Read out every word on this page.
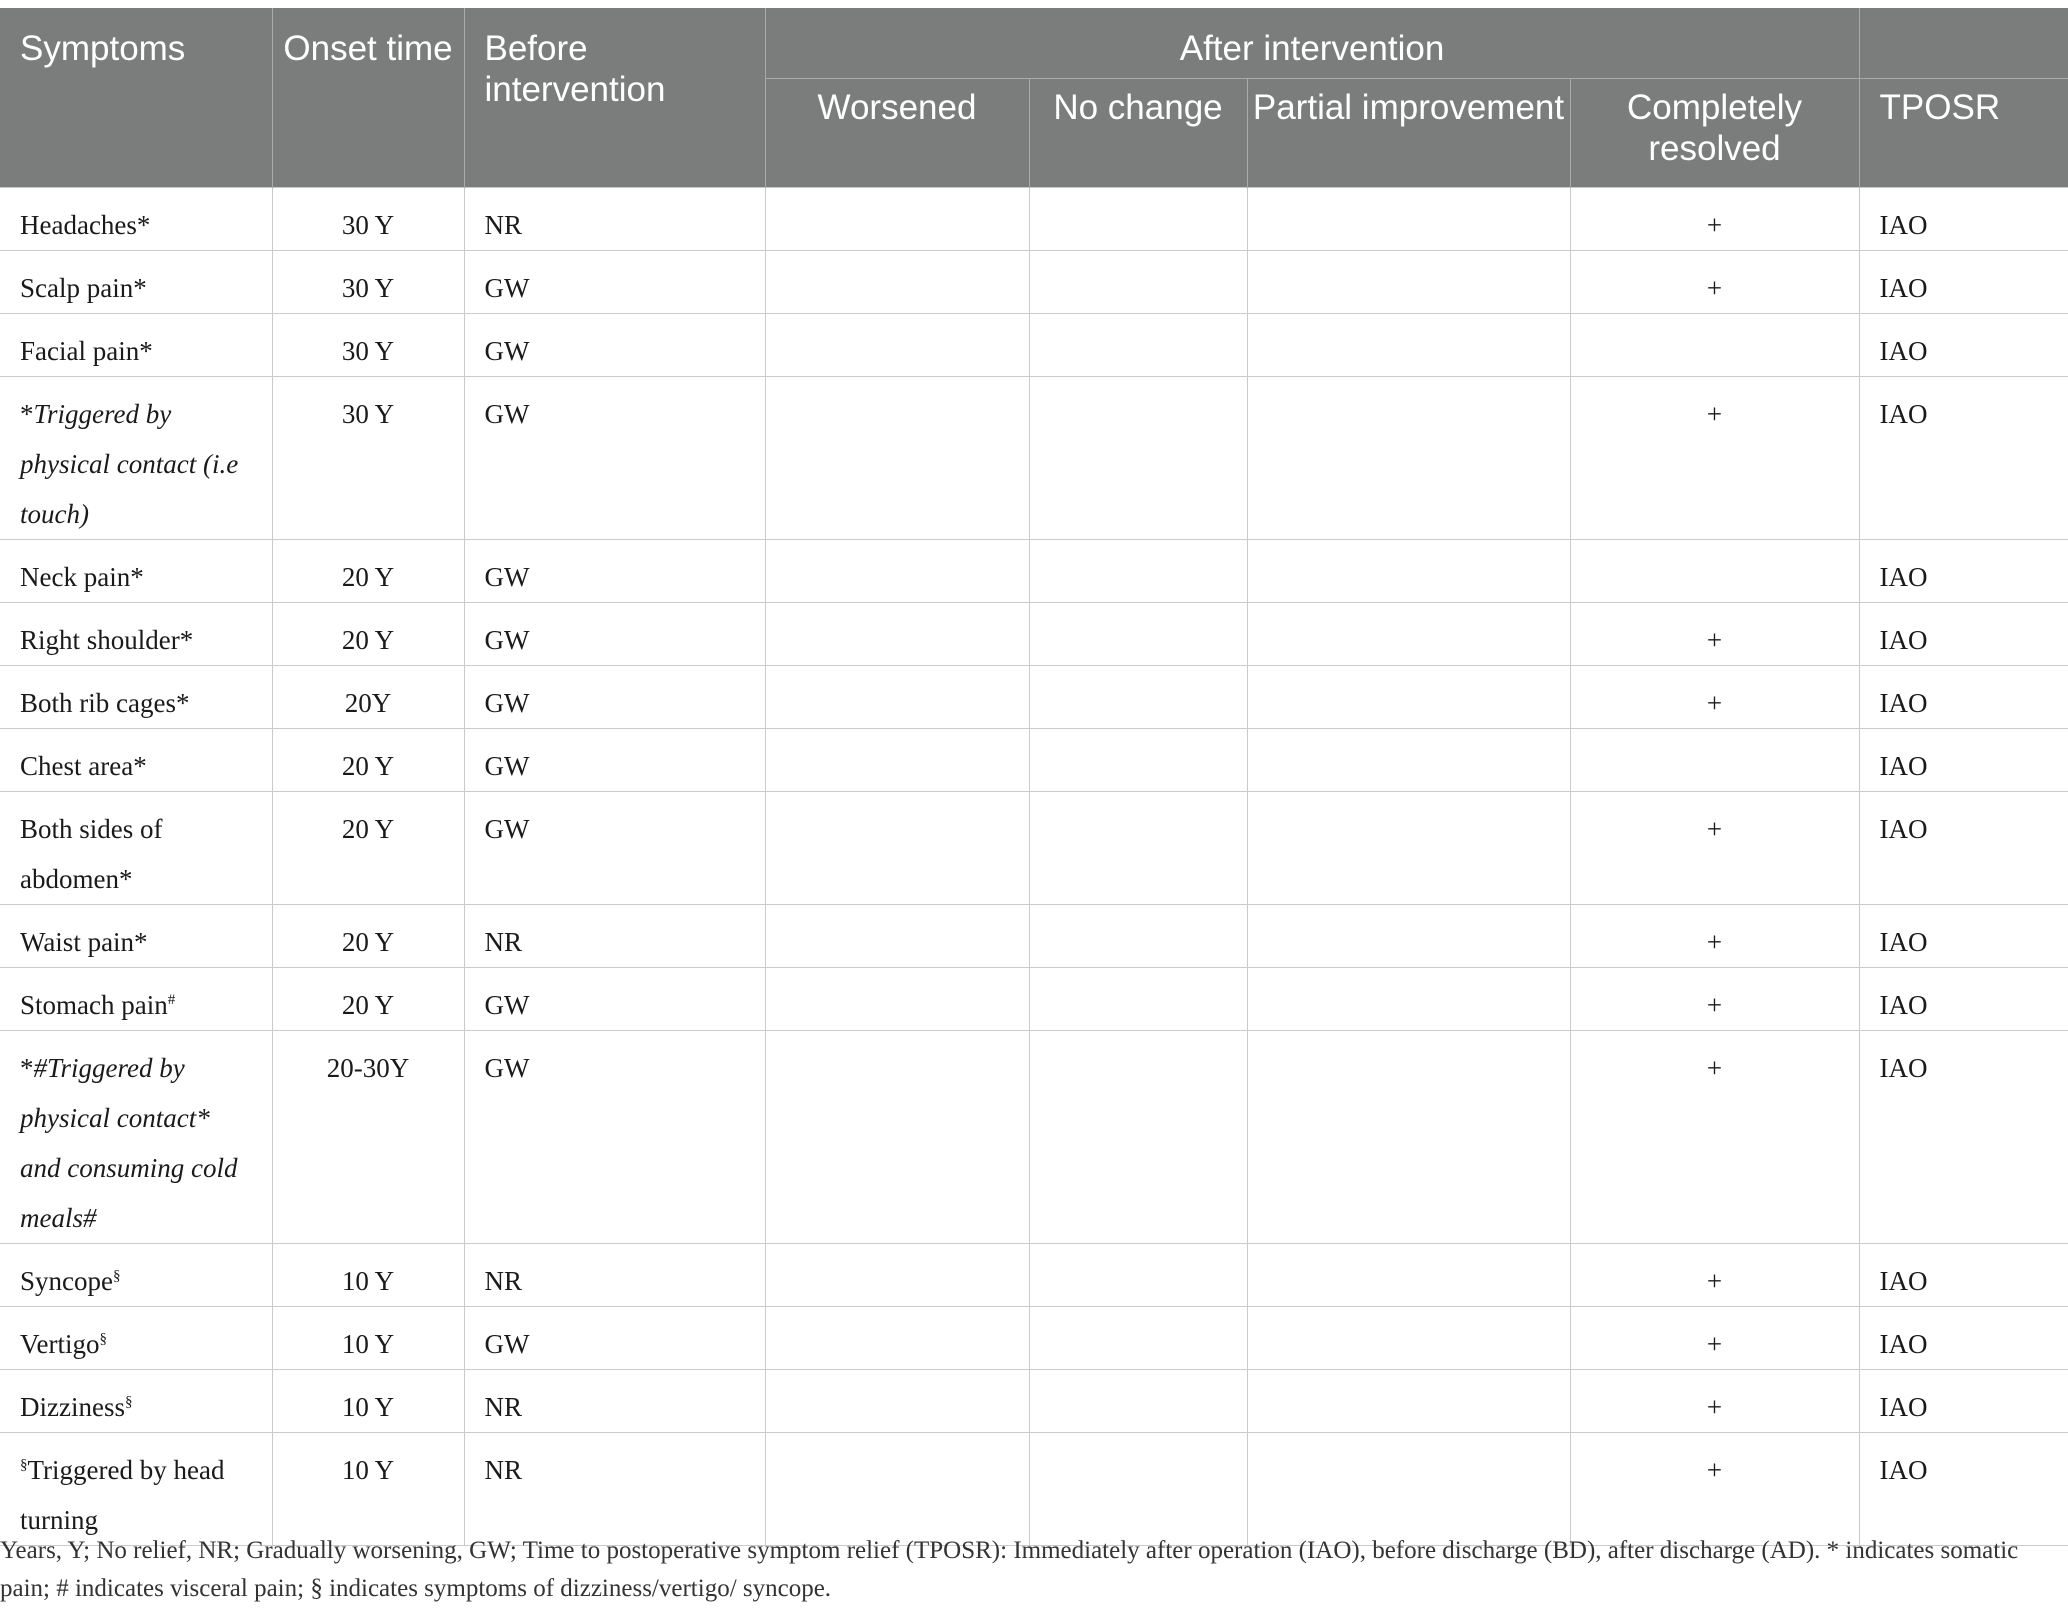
Symptoms	Onset time	Before intervention	After intervention				
			Worsened	No change	Partial improvement	Completely resolved	TPOSR
Headaches*	30 Y	NR				+	IAO
Scalp pain*	30 Y	GW				+	IAO
Facial pain*	30 Y	GW					IAO
*Triggered by physical contact (i.e touch)	30 Y	GW				+	IAO
Neck pain*	20 Y	GW					IAO
Right shoulder*	20 Y	GW				+	IAO
Both rib cages*	20Y	GW				+	IAO
Chest area*	20 Y	GW					IAO
Both sides of abdomen*	20 Y	GW				+	IAO
Waist pain*	20 Y	NR				+	IAO
Stomach pain#	20 Y	GW				+	IAO
*#Triggered by physical contact* and consuming cold meals#	20-30Y	GW				+	IAO
Syncope§	10 Y	NR				+	IAO
Vertigo§	10 Y	GW				+	IAO
Dizziness§	10 Y	NR				+	IAO
§Triggered by head turning	10 Y	NR				+	IAO
Years, Y; No relief, NR; Gradually worsening, GW; Time to postoperative symptom relief (TPOSR): Immediately after operation (IAO), before discharge (BD), after discharge (AD). * indicates somatic pain; # indicates visceral pain; § indicates symptoms of dizziness/vertigo/ syncope.
